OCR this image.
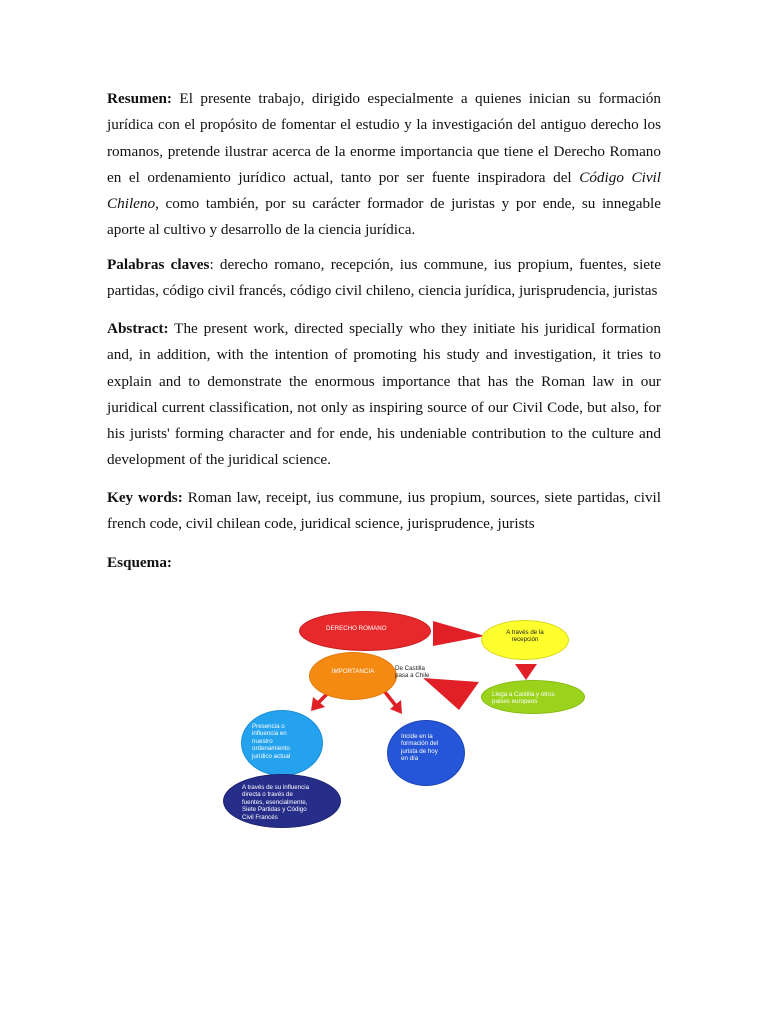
Resumen: El presente trabajo, dirigido especialmente a quienes inician su formación jurídica con el propósito de fomentar el estudio y la investigación del antiguo derecho los romanos, pretende ilustrar acerca de la enorme importancia que tiene el Derecho Romano en el ordenamiento jurídico actual, tanto por ser fuente inspiradora del Código Civil Chileno, como también, por su carácter formador de juristas y por ende, su innegable aporte al cultivo y desarrollo de la ciencia jurídica.

Palabras claves: derecho romano, recepción, ius commune, ius propium, fuentes, siete partidas, código civil francés, código civil chileno, ciencia jurídica, jurisprudencia, juristas

Abstract: The present work, directed specially who they initiate his juridical formation and, in addition, with the intention of promoting his study and investigation, it tries to explain and to demonstrate the enormous importance that has the Roman law in our juridical current classification, not only as inspiring source of our Civil Code, but also, for his jurists' forming character and for ende, his undeniable contribution to the culture and development of the juridical science.

Key words: Roman law, receipt, ius commune, ius propium, sources, siete partidas, civil french code, civil chilean code, juridical science, jurisprudence, jurists

Esquema:

DERECHO ROMANO
A través de la
recepción
IMPORTANCIA	De Castilla
pasa a Chile
Llega a Castilla y otros
paises europeos
Presencia o
influencia en
nuestro
ordenamiento
jurídico actual
Incide en la
formación del
jurista de hoy
en día
A través de su influencia
directa o través de
fuentes, esencialmente,
Siete Partidas y Código
Civil Francés
